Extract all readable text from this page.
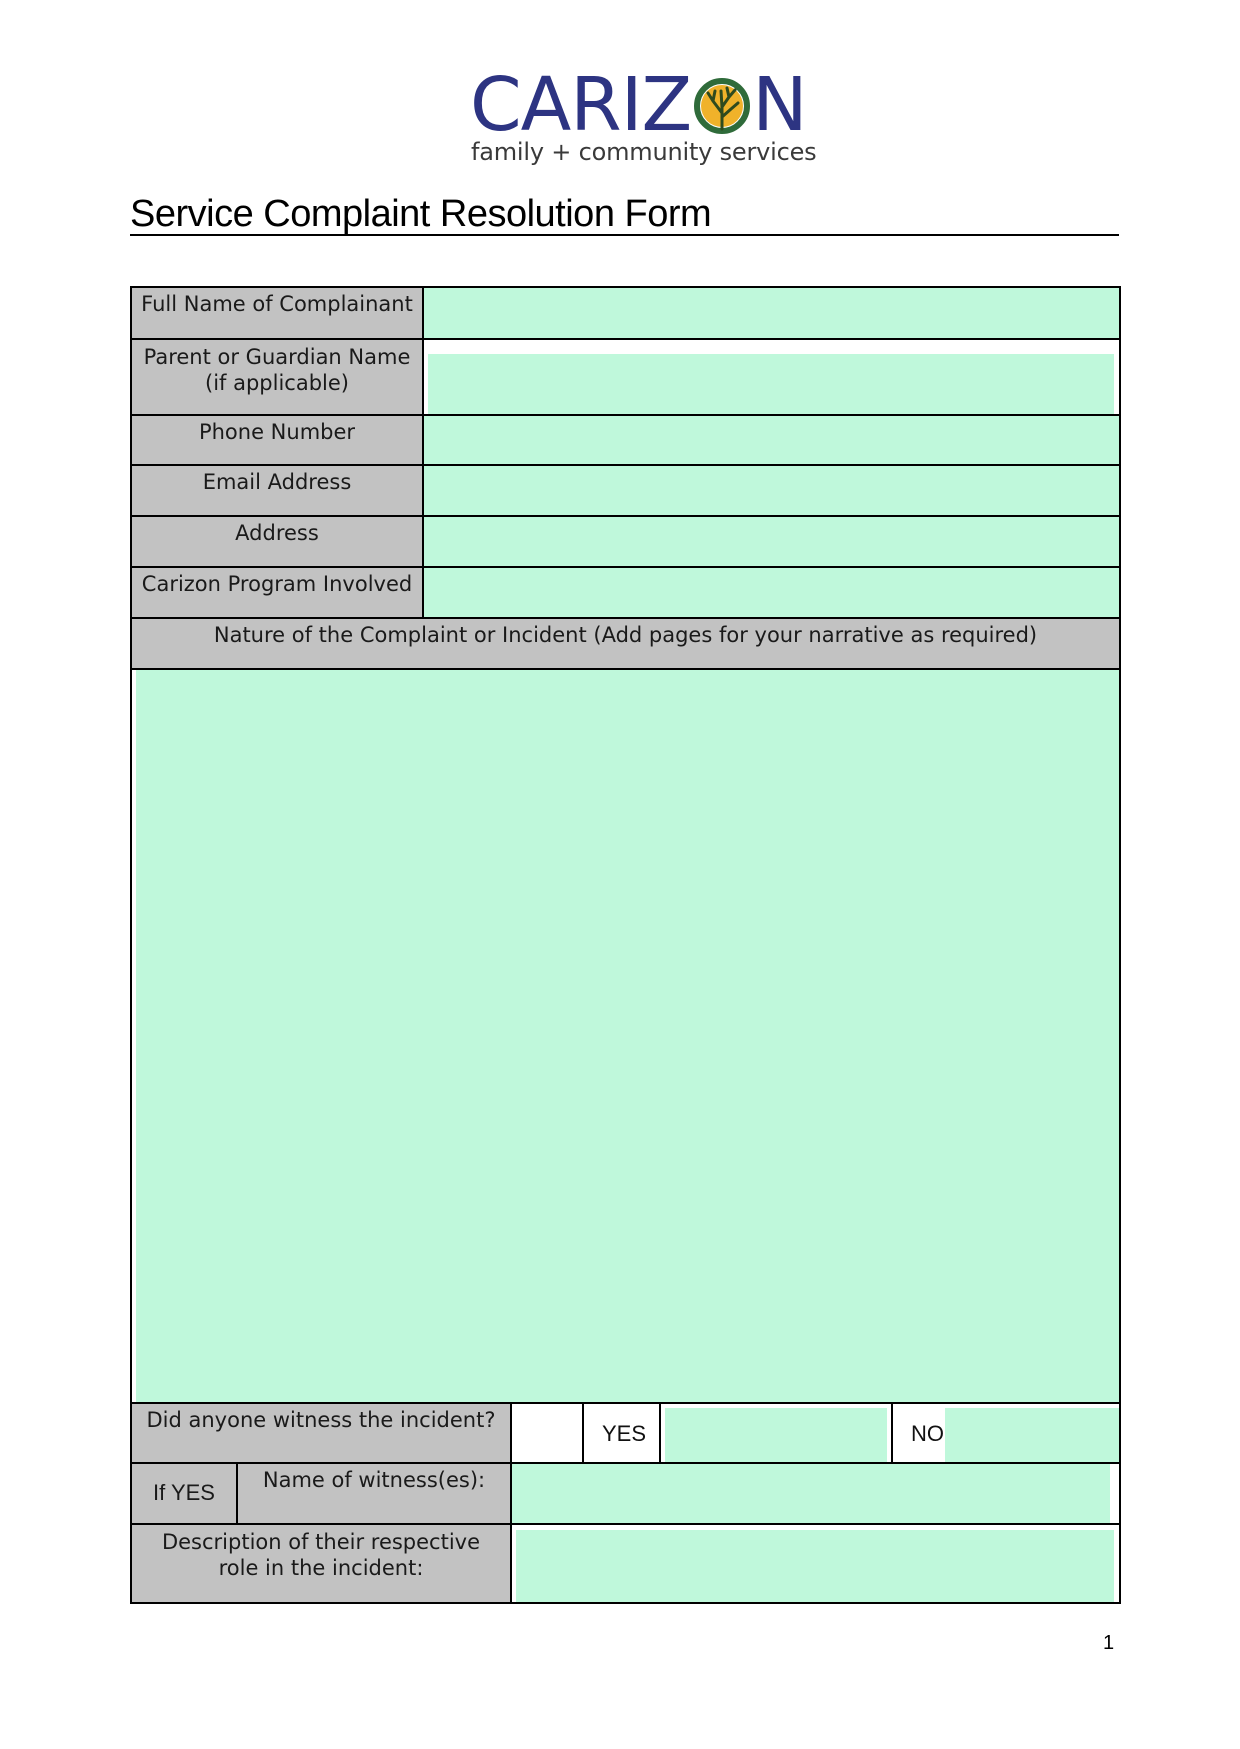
CARIZ N
family + community services
Service Complaint Resolution Form
Full Name of Complainant
Parent or Guardian Name
(if applicable)
Phone Number
Email Address
Address
Carizon Program Involved
Nature of the Complaint or Incident (Add pages for your narrative as required)
Did anyone witness the incident?
YES	NO
If YES	Name of witness(es):
Description of their respective
role in the incident:
1
